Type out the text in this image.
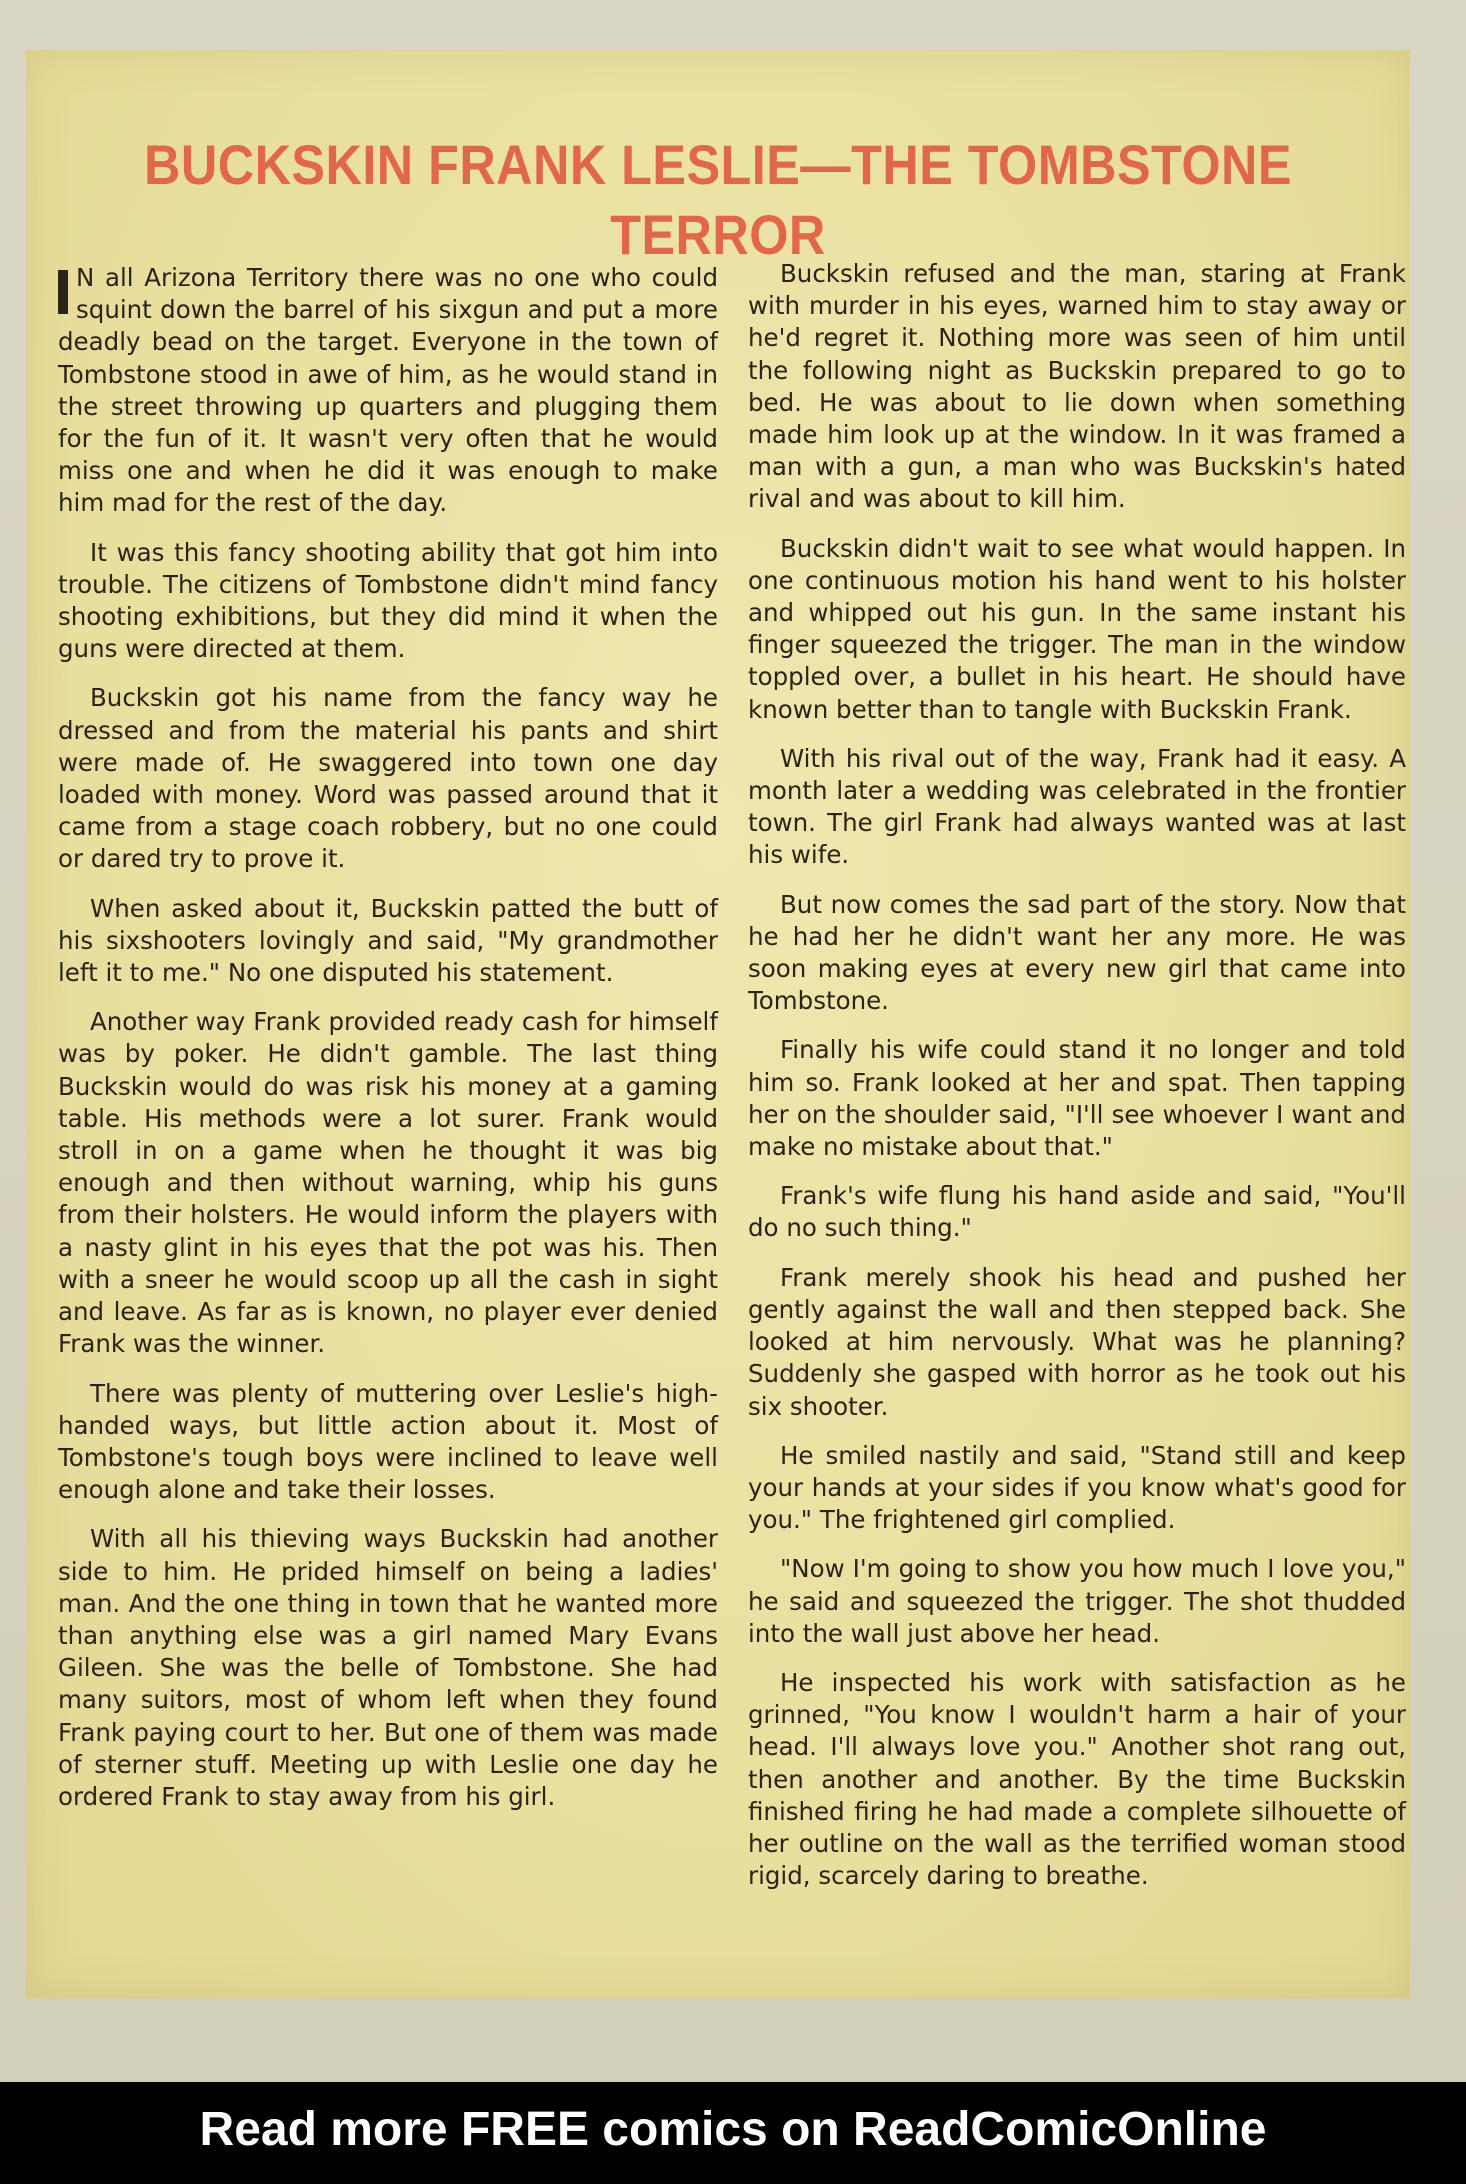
BUCKSKIN FRANK LESLIE—THE TOMBSTONE TERROR

N all Arizona Territory there was no one who could squint down the barrel of his sixgun and put a more deadly bead on the target. Everyone in the town of Tombstone stood in awe of him, as he would stand in the street throwing up quarters and plugging them for the fun of it. It wasn't very often that he would miss one and when he did it was enough to make him mad for the rest of the day.

It was this fancy shooting ability that got him into trouble. The citizens of Tombstone didn't mind fancy shooting exhibitions, but they did mind it when the guns were directed at them.

Buckskin got his name from the fancy way he dressed and from the material his pants and shirt were made of. He swaggered into town one day loaded with money. Word was passed around that it came from a stage coach robbery, but no one could or dared try to prove it.

When asked about it, Buckskin patted the butt of his sixshooters lovingly and said, "My grandmother left it to me." No one disputed his statement.

Another way Frank provided ready cash for himself was by poker. He didn't gamble. The last thing Buckskin would do was risk his money at a gaming table. His methods were a lot surer. Frank would stroll in on a game when he thought it was big enough and then without warning, whip his guns from their holsters. He would inform the players with a nasty glint in his eyes that the pot was his. Then with a sneer he would scoop up all the cash in sight and leave. As far as is known, no player ever denied Frank was the winner.

There was plenty of muttering over Leslie's high-handed ways, but little action about it. Most of Tombstone's tough boys were inclined to leave well enough alone and take their losses.

With all his thieving ways Buckskin had another side to him. He prided himself on being a ladies' man. And the one thing in town that he wanted more than anything else was a girl named Mary Evans Gileen. She was the belle of Tombstone. She had many suitors, most of whom left when they found Frank paying court to her. But one of them was made of sterner stuff. Meeting up with Leslie one day he ordered Frank to stay away from his girl.

Buckskin refused and the man, staring at Frank with murder in his eyes, warned him to stay away or he'd regret it. Nothing more was seen of him until the following night as Buckskin prepared to go to bed. He was about to lie down when something made him look up at the window. In it was framed a man with a gun, a man who was Buckskin's hated rival and was about to kill him.

Buckskin didn't wait to see what would happen. In one continuous motion his hand went to his holster and whipped out his gun. In the same instant his finger squeezed the trigger. The man in the window toppled over, a bullet in his heart. He should have known better than to tangle with Buckskin Frank.

With his rival out of the way, Frank had it easy. A month later a wedding was celebrated in the frontier town. The girl Frank had always wanted was at last his wife.

But now comes the sad part of the story. Now that he had her he didn't want her any more. He was soon making eyes at every new girl that came into Tombstone.

Finally his wife could stand it no longer and told him so. Frank looked at her and spat. Then tapping her on the shoulder said, "I'll see whoever I want and make no mistake about that."

Frank's wife flung his hand aside and said, "You'll do no such thing."

Frank merely shook his head and pushed her gently against the wall and then stepped back. She looked at him nervously. What was he planning? Suddenly she gasped with horror as he took out his six shooter.

He smiled nastily and said, "Stand still and keep your hands at your sides if you know what's good for you." The frightened girl complied.

"Now I'm going to show you how much I love you," he said and squeezed the trigger. The shot thudded into the wall just above her head.

He inspected his work with satisfaction as he grinned, "You know I wouldn't harm a hair of your head. I'll always love you." Another shot rang out, then another and another. By the time Buckskin finished firing he had made a complete silhouette of her outline on the wall as the terrified woman stood rigid, scarcely daring to breathe.

Read more FREE comics on ReadComicOnline
